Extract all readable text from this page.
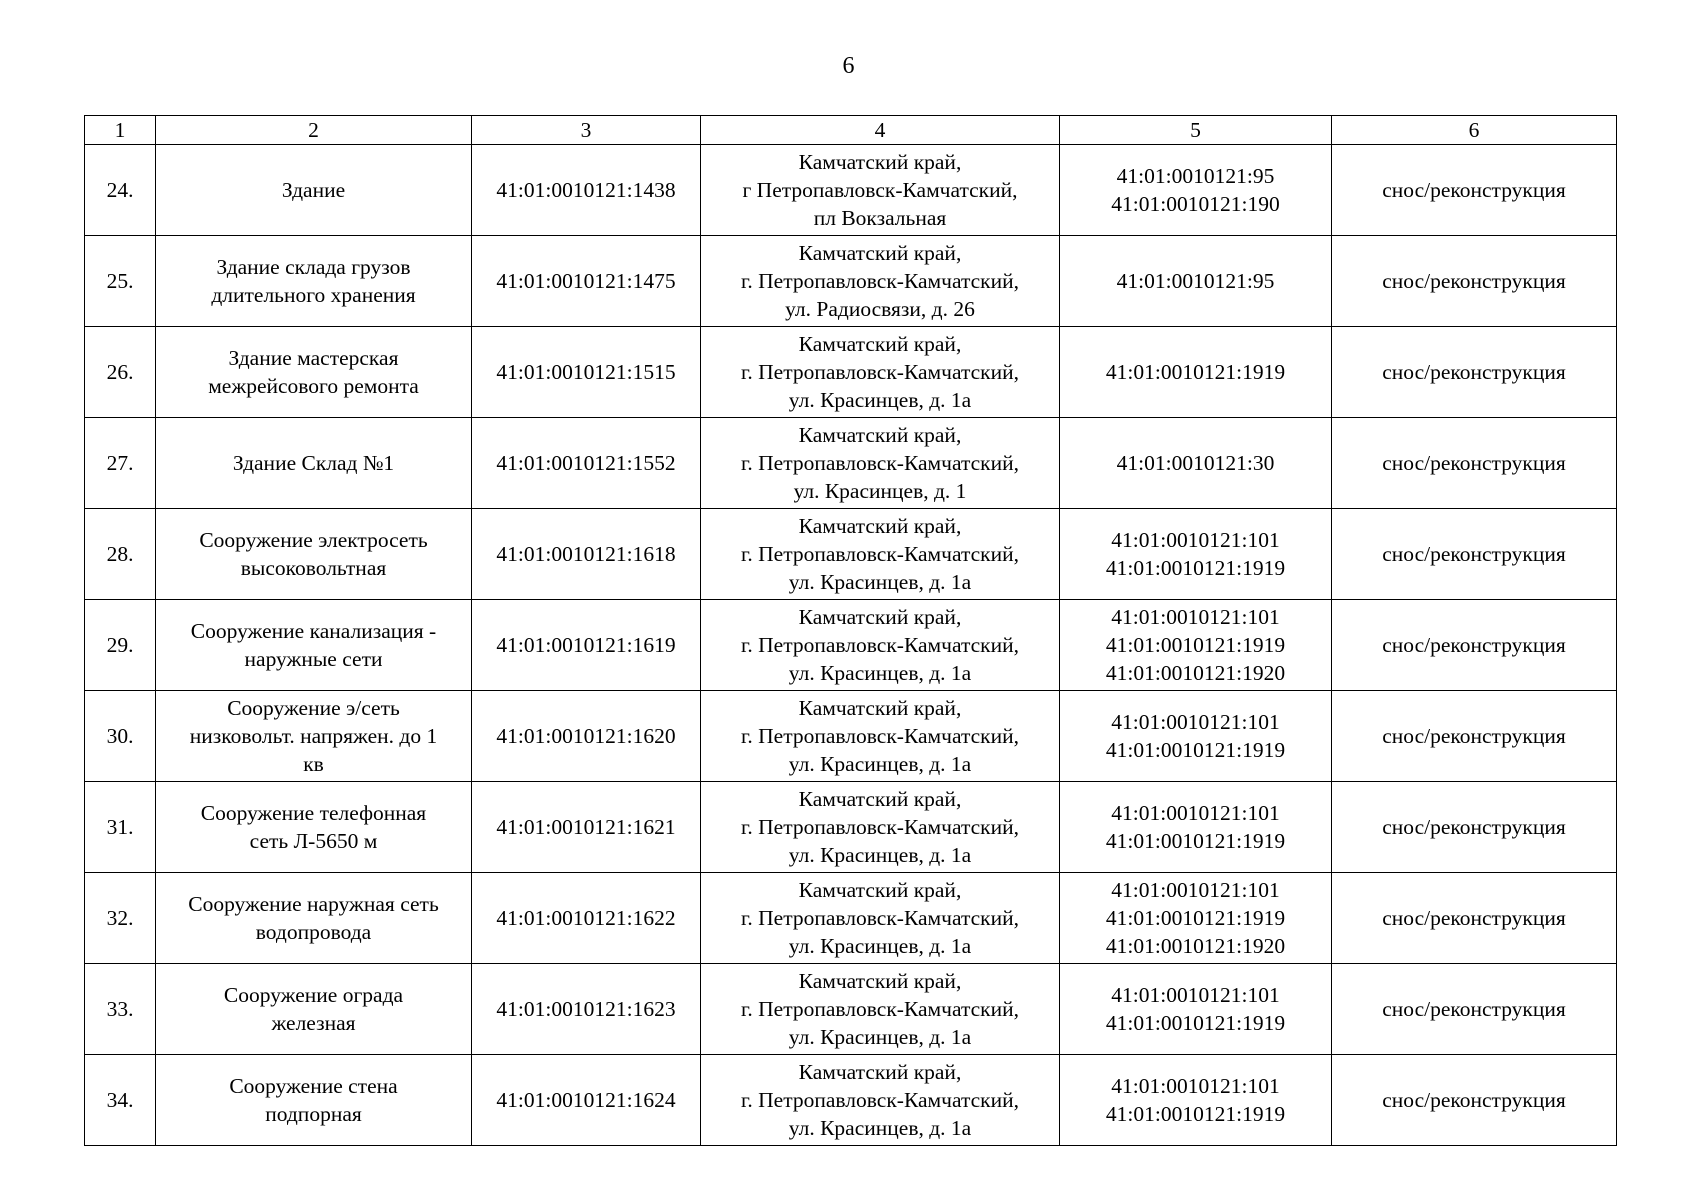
6
1	2	3	4	5	6

24.	Здание	41:01:0010121:1438	Камчатский край,
г Петропавловск-Камчатский,
пл Вокзальная	41:01:0010121:95
41:01:0010121:190	снос/реконструкция

25.	Здание склада грузов
длительного хранения	41:01:0010121:1475	Камчатский край,
г. Петропавловск-Камчатский,
ул. Радиосвязи, д. 26	41:01:0010121:95	снос/реконструкция

26.	Здание мастерская
межрейсового ремонта	41:01:0010121:1515	Камчатский край,
г. Петропавловск-Камчатский,
ул. Красинцев, д. 1а	41:01:0010121:1919	снос/реконструкция

27.	Здание Склад №1	41:01:0010121:1552	Камчатский край,
г. Петропавловск-Камчатский,
ул. Красинцев, д. 1	41:01:0010121:30	снос/реконструкция

28.	Сооружение электросеть
высоковольтная	41:01:0010121:1618	Камчатский край,
г. Петропавловск-Камчатский,
ул. Красинцев, д. 1а	41:01:0010121:101
41:01:0010121:1919	снос/реконструкция

29.	Сооружение канализация -
наружные сети	41:01:0010121:1619	Камчатский край,
г. Петропавловск-Камчатский,
ул. Красинцев, д. 1а	41:01:0010121:101
41:01:0010121:1919
41:01:0010121:1920	снос/реконструкция

30.	Сооружение э/сеть
низковольт. напряжен. до 1
кв	41:01:0010121:1620	Камчатский край,
г. Петропавловск-Камчатский,
ул. Красинцев, д. 1а	41:01:0010121:101
41:01:0010121:1919	снос/реконструкция

31.	Сооружение телефонная
сеть Л-5650 м	41:01:0010121:1621	Камчатский край,
г. Петропавловск-Камчатский,
ул. Красинцев, д. 1а	41:01:0010121:101
41:01:0010121:1919	снос/реконструкция

32.	Сооружение наружная сеть
водопровода	41:01:0010121:1622	Камчатский край,
г. Петропавловск-Камчатский,
ул. Красинцев, д. 1а	41:01:0010121:101
41:01:0010121:1919
41:01:0010121:1920	снос/реконструкция

33.	Сооружение ограда
железная	41:01:0010121:1623	Камчатский край,
г. Петропавловск-Камчатский,
ул. Красинцев, д. 1а	41:01:0010121:101
41:01:0010121:1919	снос/реконструкция

34.	Сооружение стена
подпорная	41:01:0010121:1624	Камчатский край,
г. Петропавловск-Камчатский,
ул. Красинцев, д. 1а	41:01:0010121:101
41:01:0010121:1919	снос/реконструкция
